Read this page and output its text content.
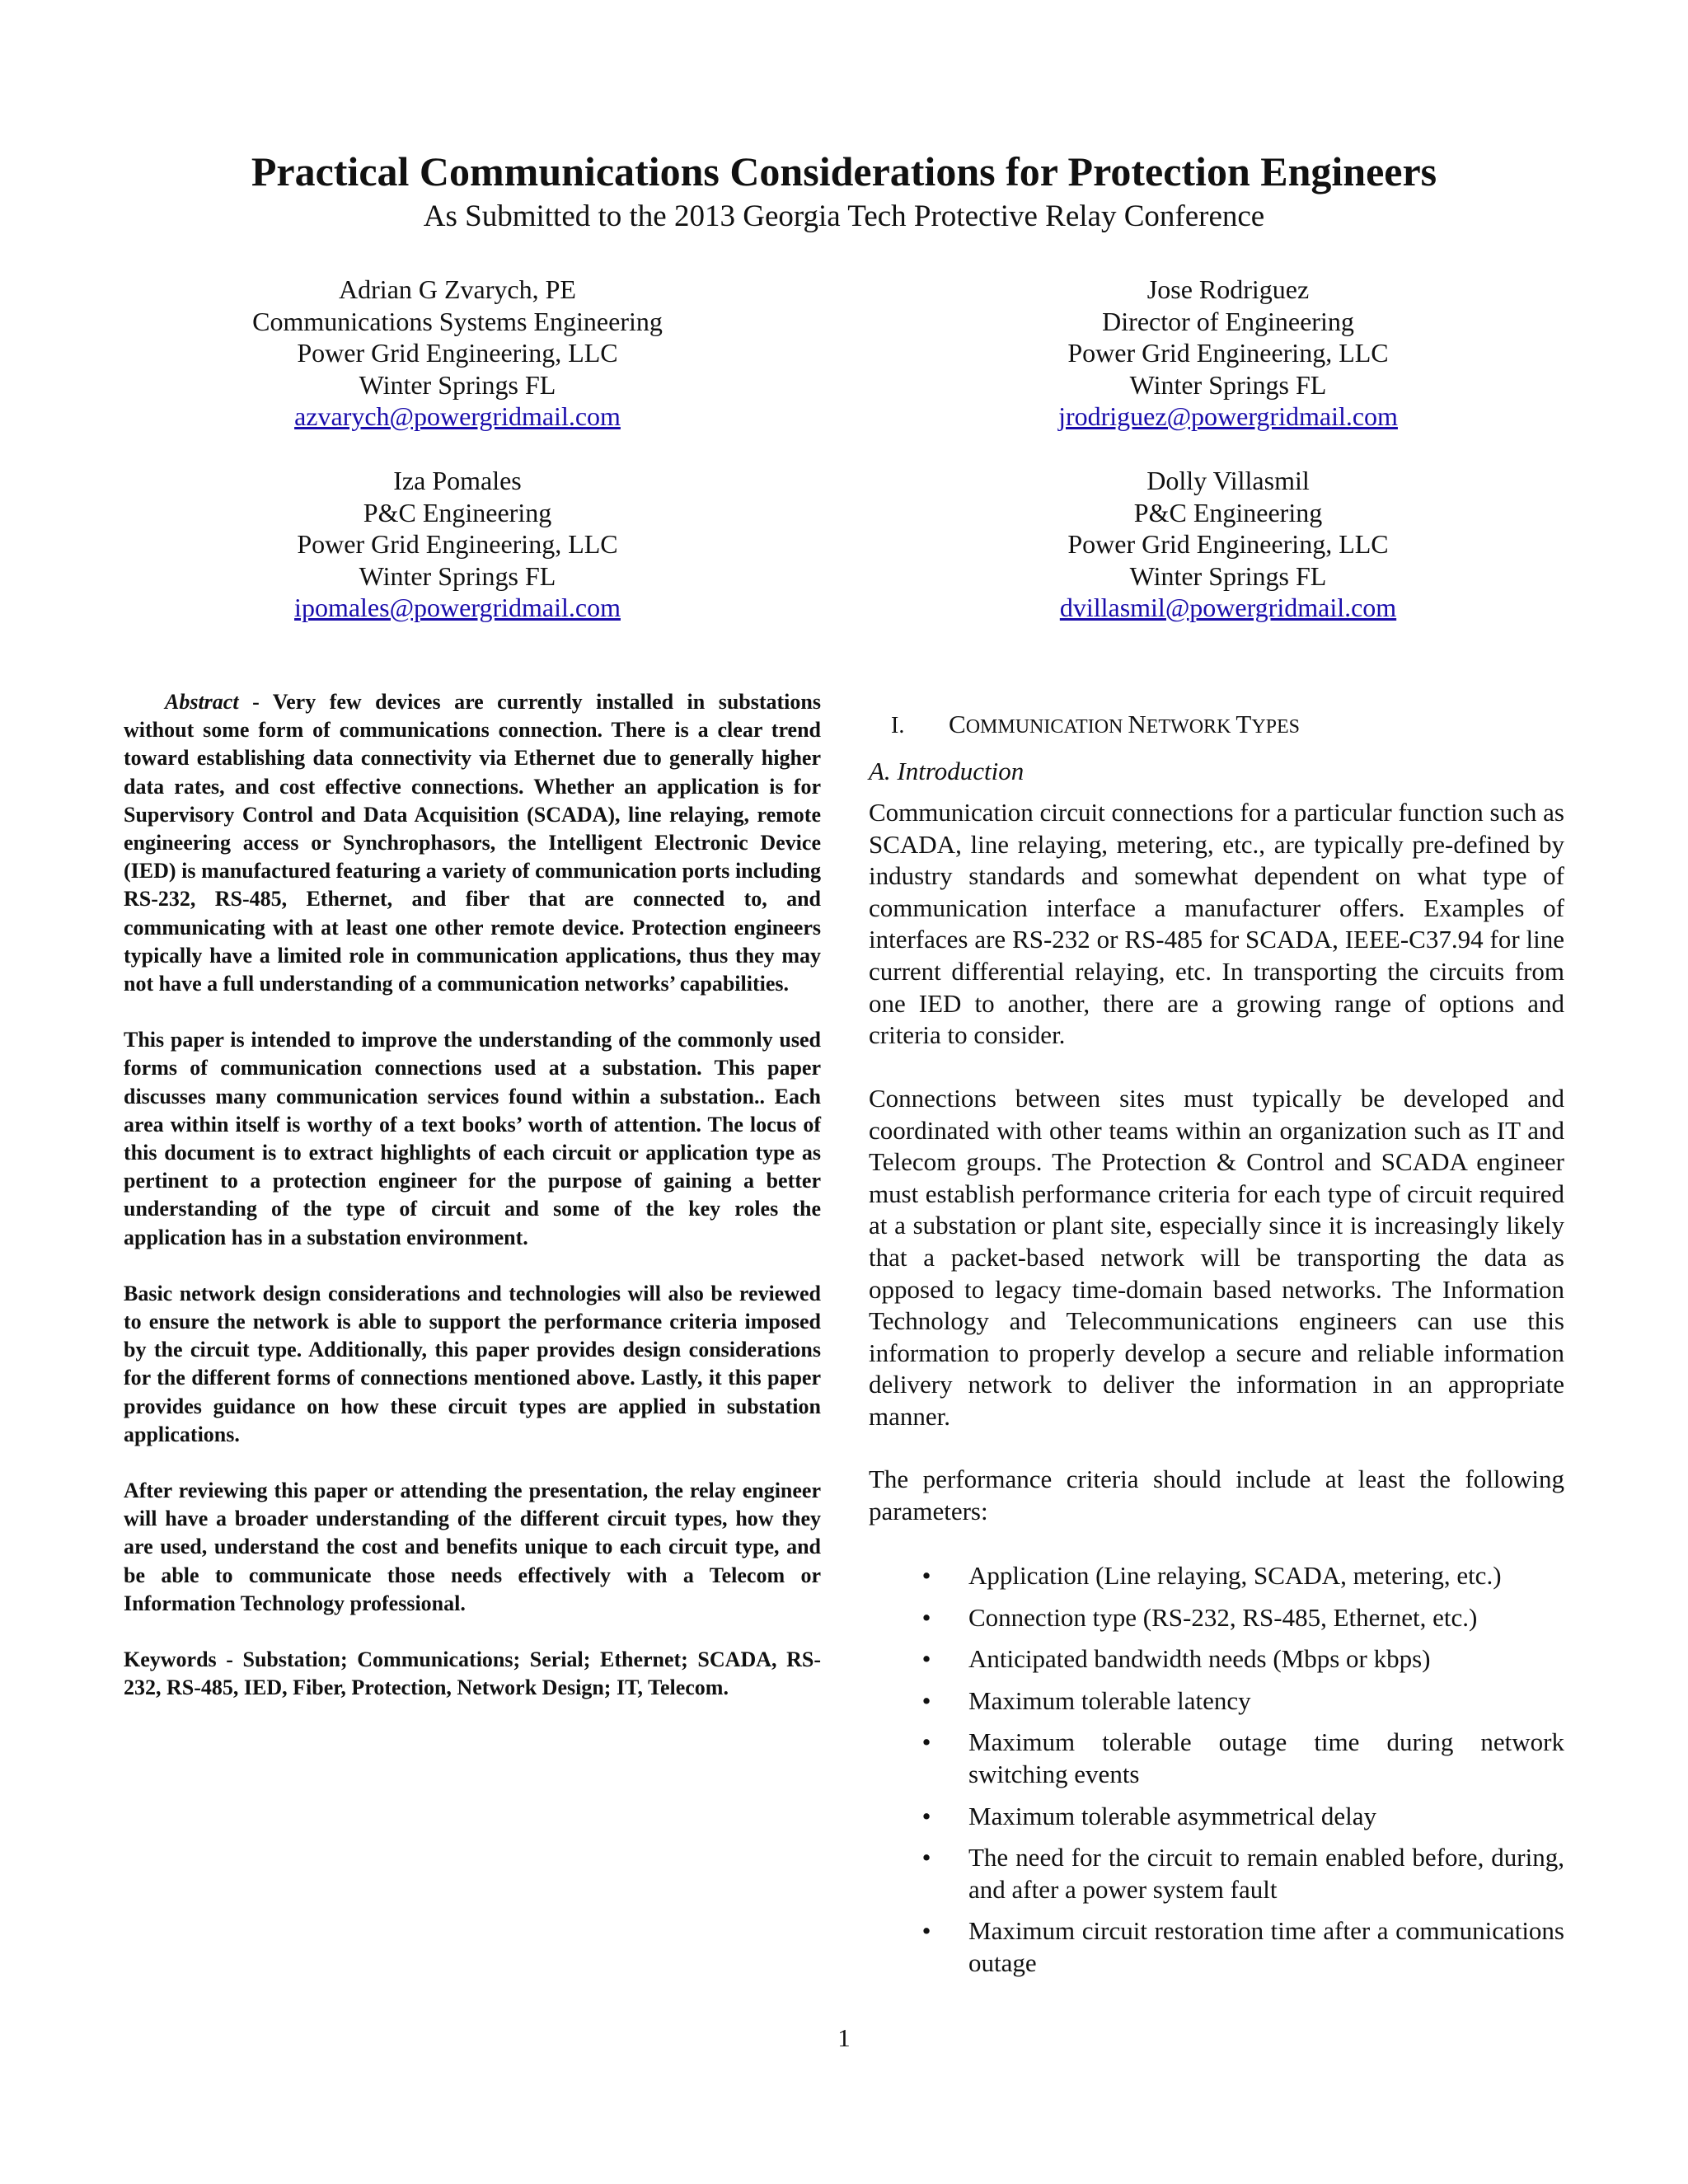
Practical Communications Considerations for Protection Engineers
As Submitted to the 2013 Georgia Tech Protective Relay Conference
Adrian G Zvarych, PE
Communications Systems Engineering
Power Grid Engineering, LLC
Winter Springs FL
azvarych@powergridmail.com
Jose Rodriguez
Director of Engineering
Power Grid Engineering, LLC
Winter Springs FL
jrodriguez@powergridmail.com
Iza Pomales
P&C Engineering
Power Grid Engineering, LLC
Winter Springs FL
ipomales@powergridmail.com
Dolly Villasmil
P&C Engineering
Power Grid Engineering, LLC
Winter Springs FL
dvillasmil@powergridmail.com

Abstract - Very few devices are currently installed in substations without some form of communications connection. There is a clear trend toward establishing data connectivity via Ethernet due to generally higher data rates, and cost effective connections. Whether an application is for Supervisory Control and Data Acquisition (SCADA), line relaying, remote engineering access or Synchrophasors, the Intelligent Electronic Device (IED) is manufactured featuring a variety of communication ports including RS-232, RS-485, Ethernet, and fiber that are connected to, and communicating with at least one other remote device. Protection engineers typically have a limited role in communication applications, thus they may not have a full understanding of a communication networks’ capabilities.

This paper is intended to improve the understanding of the commonly used forms of communication connections used at a substation. This paper discusses many communication services found within a substation.. Each area within itself is worthy of a text books’ worth of attention. The locus of this document is to extract highlights of each circuit or application type as pertinent to a protection engineer for the purpose of gaining a better understanding of the type of circuit and some of the key roles the application has in a substation environment.

Basic network design considerations and technologies will also be reviewed to ensure the network is able to support the performance criteria imposed by the circuit type. Additionally, this paper provides design considerations for the different forms of connections mentioned above. Lastly, it this paper provides guidance on how these circuit types are applied in substation applications.

After reviewing this paper or attending the presentation, the relay engineer will have a broader understanding of the different circuit types, how they are used, understand the cost and benefits unique to each circuit type, and be able to communicate those needs effectively with a Telecom or Information Technology professional.

Keywords - Substation; Communications; Serial; Ethernet; SCADA, RS-232, RS-485, IED, Fiber, Protection, Network Design; IT, Telecom.

I. COMMUNICATION NETWORK TYPES
A. Introduction

Communication circuit connections for a particular function such as SCADA, line relaying, metering, etc., are typically pre-defined by industry standards and somewhat dependent on what type of communication interface a manufacturer offers. Examples of interfaces are RS-232 or RS-485 for SCADA, IEEE-C37.94 for line current differential relaying, etc. In transporting the circuits from one IED to another, there are a growing range of options and criteria to consider.

Connections between sites must typically be developed and coordinated with other teams within an organization such as IT and Telecom groups. The Protection & Control and SCADA engineer must establish performance criteria for each type of circuit required at a substation or plant site, especially since it is increasingly likely that a packet-based network will be transporting the data as opposed to legacy time-domain based networks. The Information Technology and Telecommunications engineers can use this information to properly develop a secure and reliable information delivery network to deliver the information in an appropriate manner.

The performance criteria should include at least the following parameters:

• Application (Line relaying, SCADA, metering, etc.)
• Connection type (RS-232, RS-485, Ethernet, etc.)
• Anticipated bandwidth needs (Mbps or kbps)
• Maximum tolerable latency
• Maximum tolerable outage time during network switching events
• Maximum tolerable asymmetrical delay
• The need for the circuit to remain enabled before, during, and after a power system fault
• Maximum circuit restoration time after a communications outage
1
